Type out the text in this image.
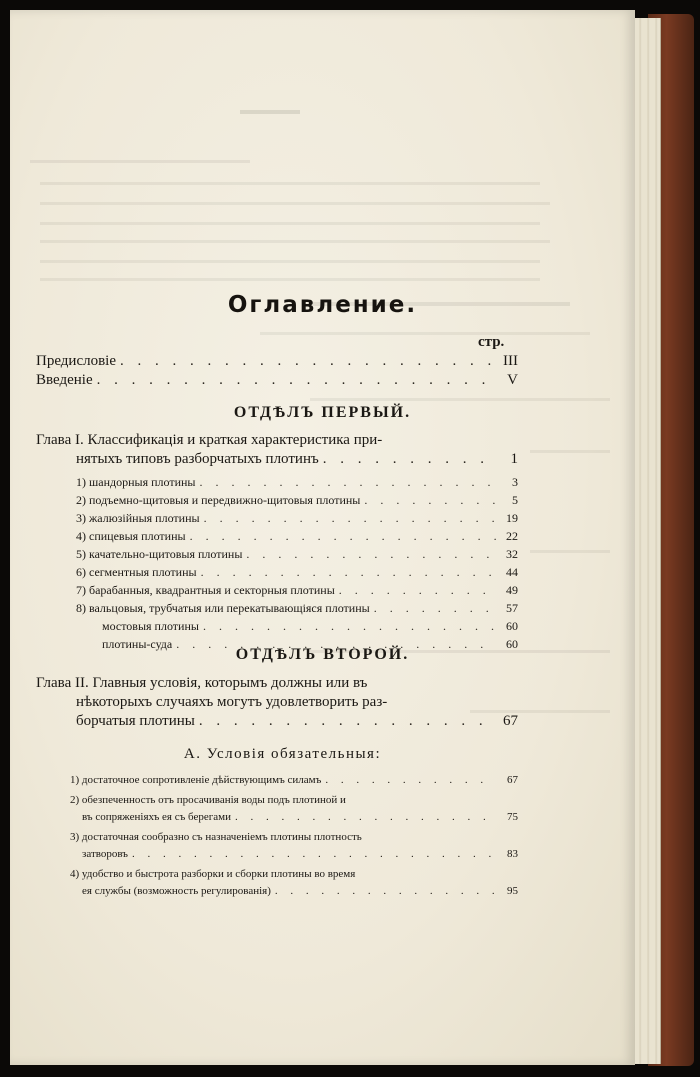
Оглавление.
стр.
Предисловіе . . .	III
Введеніе . . .	V
ОТДѢЛЪ ПЕРВЫЙ.
Глава I. Классификація и краткая характеристика при-
нятыхъ типовъ разборчатыхъ плотинъ . . .	1
1) шандорныя плотины . . .	3
2) подъемно-щитовыя и передвижно-щитовыя плотины . . .	5
3) жалюзійныя плотины . . .	19
4) спицевыя плотины . . .	22
5) качательно-щитовыя плотины . . .	32
6) сегментныя плотины . . .	44
7) барабанныя, квадрантныя и секторныя плотины . . .	49
8) вальцовыя, трубчатыя или перекатывающіяся плотины . . .	57
мостовыя плотины . . .	60
плотины-суда . . .	60
ОТДѢЛЪ ВТОРОЙ.
Глава II. Главныя условія, которымъ должны или въ
нѣкоторыхъ случаяхъ могутъ удовлетворить раз-
борчатыя плотины . . .	67
А. Условія обязательныя:
1) достаточное сопротивленіе дѣйствующимъ силамъ . . .	67
2) обезпеченность отъ просачиванія воды подъ плотиной и
въ сопряженіяхъ ея съ берегами . . .	75
3) достаточная сообразно съ назначеніемъ плотины плотность
затворовъ . . .	83
4) удобство и быстрота разборки и сборки плотины во время
ея службы (возможность регулированія) . . .	95
